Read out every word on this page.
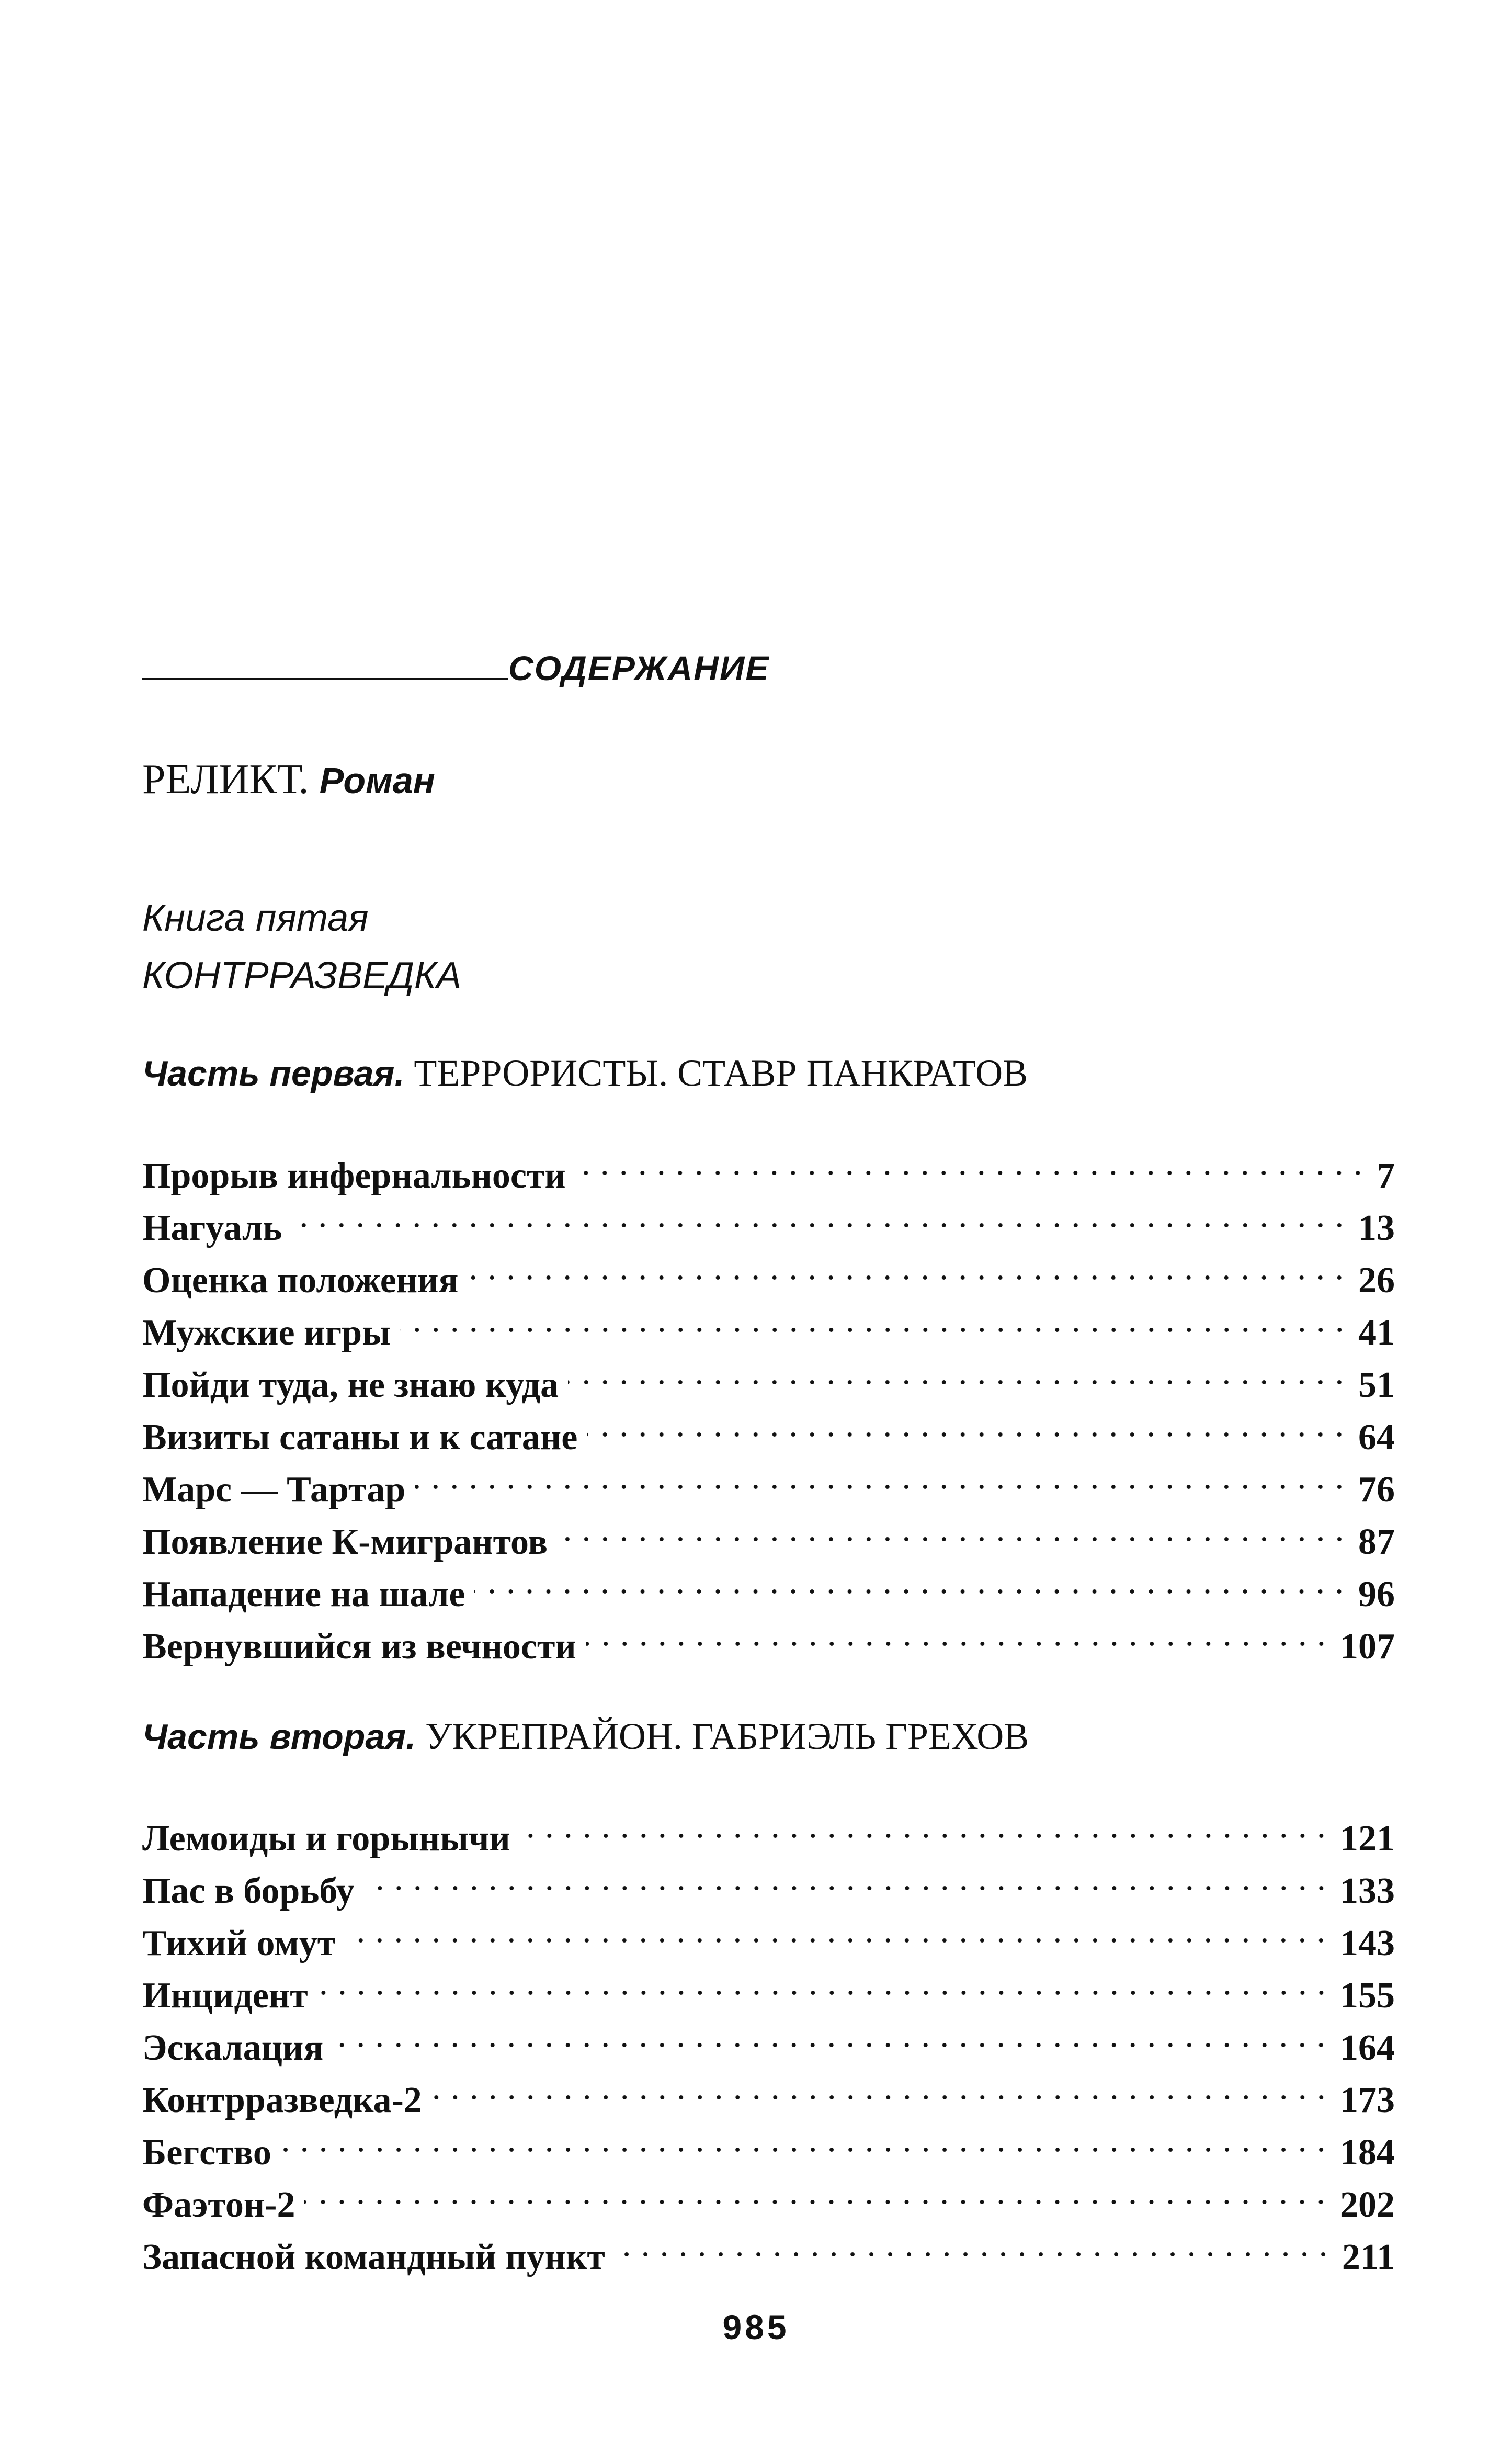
СОДЕРЖАНИЕ
РЕЛИКТ. Роман
Книга пятая
КОНТРРАЗВЕДКА
Часть первая. ТЕРРОРИСТЫ. СТАВР ПАНКРАТОВ
Прорыв инфернальности	7
Нагуаль	13
Оценка положения	26
Мужские игры	41
Пойди туда, не знаю куда	51
Визиты сатаны и к сатане	64
Марс — Тартар	76
Появление К-мигрантов	87
Нападение на шале	96
Вернувшийся из вечности	107
Часть вторая. УКРЕПРАЙОН. ГАБРИЭЛЬ ГРЕХОВ
Лемоиды и горынычи	121
Пас в борьбу	133
Тихий омут	143
Инцидент	155
Эскалация	164
Контрразведка-2	173
Бегство	184
Фаэтон-2	202
Запасной командный пункт	211
985
